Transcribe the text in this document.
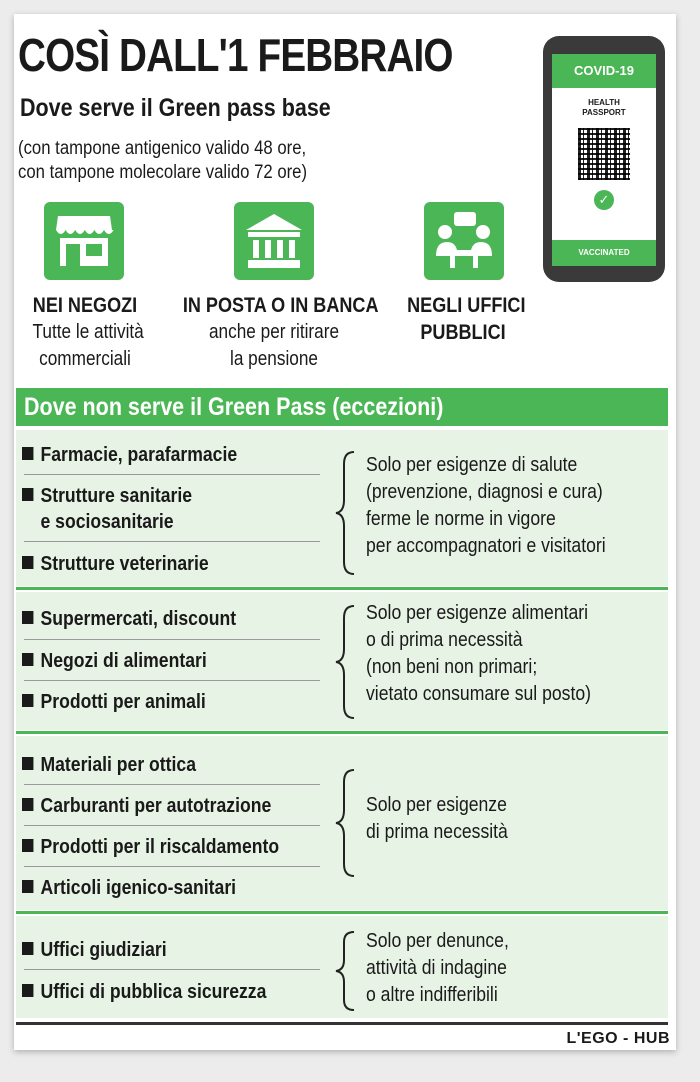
COSÌ DALL'1 FEBBRAIO
Dove serve il Green pass base
(con tampone antigenico valido 48 ore,
con tampone molecolare valido 72 ore)
COVID-19
HEALTH
PASSPORT
✓
VACCINATED
NEI NEGOZI
Tutte le attività
commerciali
IN POSTA O IN BANCA
anche per ritirare
la pensione
NEGLI UFFICI
PUBBLICI
Dove non serve il Green Pass (eccezioni)
Farmacie, parafarmacie
Strutture sanitarie
e sociosanitarie
Strutture veterinarie
Solo per esigenze di salute
(prevenzione, diagnosi e cura)
ferme le norme in vigore
per accompagnatori e visitatori
Supermercati, discount
Negozi di alimentari
Prodotti per animali
Solo per esigenze alimentari
o di prima necessità
(non beni non primari;
vietato consumare sul posto)
Materiali per ottica
Carburanti per autotrazione
Prodotti per il riscaldamento
Articoli igenico-sanitari
Solo per esigenze
di prima necessità
Uffici giudiziari
Uffici di pubblica sicurezza
Solo per denunce,
attività di indagine
o altre indifferibili
L'EGO - HUB
